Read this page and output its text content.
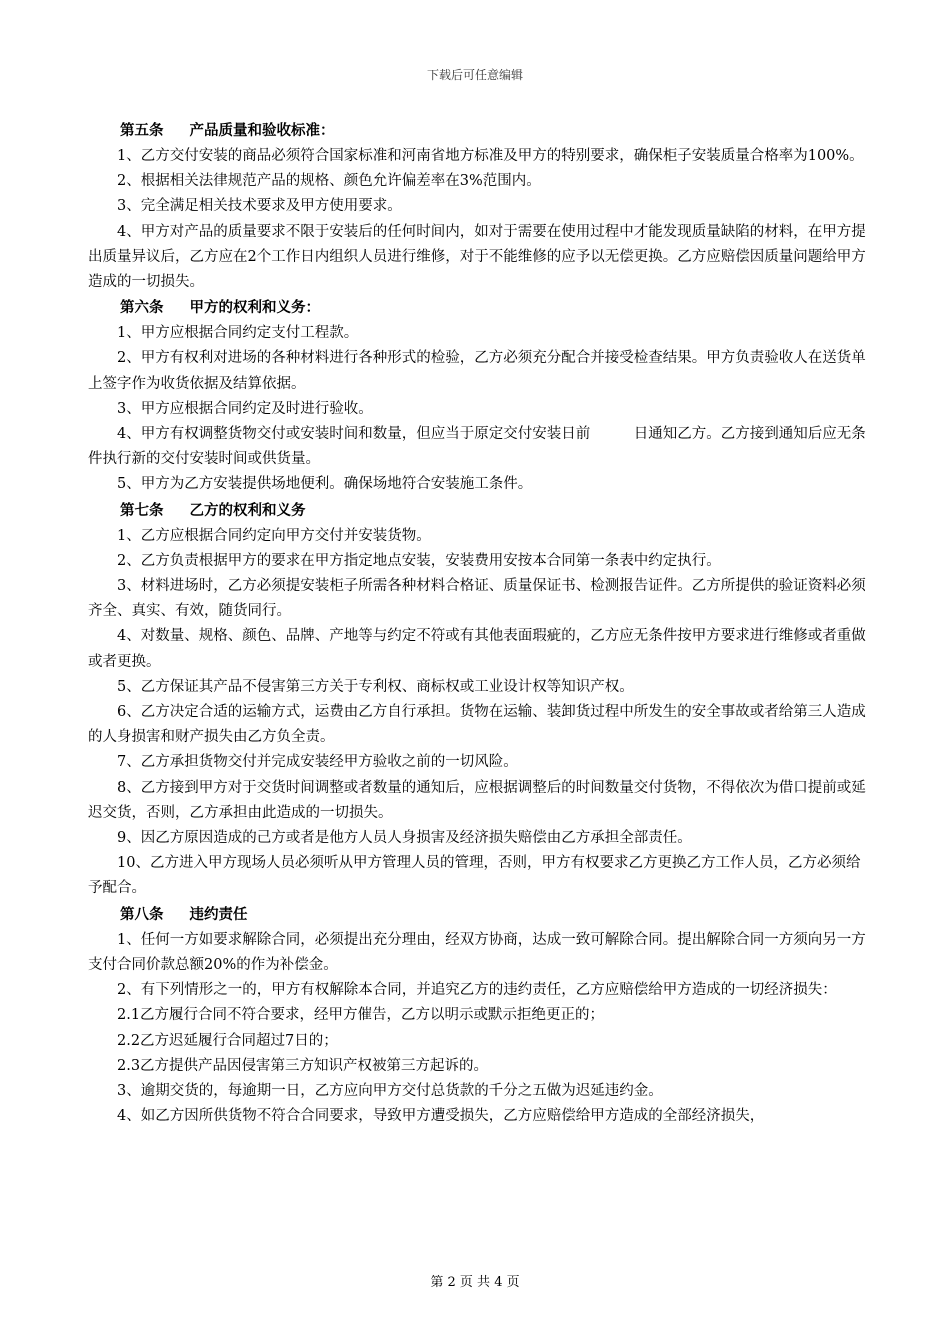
下载后可任意编辑
第五条 产品质量和验收标准：

1、乙方交付安装的商品必须符合国家标准和河南省地方标准及甲方的特别要求，确保柜子安装质量合格率为100%。

2、根据相关法律规范产品的规格、颜色允许偏差率在3%范围内。

3、完全满足相关技术要求及甲方使用要求。

4、甲方对产品的质量要求不限于安装后的任何时间内，如对于需要在使用过程中才能发现质量缺陷的材料，在甲方提出质量异议后，乙方应在2个工作日内组织人员进行维修，对于不能维修的应予以无偿更换。乙方应赔偿因质量问题给甲方造成的一切损失。

第六条 甲方的权利和义务：

1、甲方应根据合同约定支付工程款。

2、甲方有权利对进场的各种材料进行各种形式的检验，乙方必须充分配合并接受检查结果。甲方负责验收人在送货单上签字作为收货依据及结算依据。

3、甲方应根据合同约定及时进行验收。

4、甲方有权调整货物交付或安装时间和数量，但应当于原定交付安装日前　　　日通知乙方。乙方接到通知后应无条件执行新的交付安装时间或供货量。

5、甲方为乙方安装提供场地便利。确保场地符合安装施工条件。

第七条 乙方的权利和义务

1、乙方应根据合同约定向甲方交付并安装货物。

2、乙方负责根据甲方的要求在甲方指定地点安装，安装费用安按本合同第一条表中约定执行。

3、材料进场时，乙方必须提安装柜子所需各种材料合格证、质量保证书、检测报告证件。乙方所提供的验证资料必须齐全、真实、有效，随货同行。

4、对数量、规格、颜色、品牌、产地等与约定不符或有其他表面瑕疵的，乙方应无条件按甲方要求进行维修或者重做或者更换。

5、乙方保证其产品不侵害第三方关于专利权、商标权或工业设计权等知识产权。

6、乙方决定合适的运输方式，运费由乙方自行承担。货物在运输、装卸货过程中所发生的安全事故或者给第三人造成的人身损害和财产损失由乙方负全责。

7、乙方承担货物交付并完成安装经甲方验收之前的一切风险。

8、乙方接到甲方对于交货时间调整或者数量的通知后，应根据调整后的时间数量交付货物，不得依次为借口提前或延迟交货，否则，乙方承担由此造成的一切损失。

9、因乙方原因造成的己方或者是他方人员人身损害及经济损失赔偿由乙方承担全部责任。

10、乙方进入甲方现场人员必须听从甲方管理人员的管理，否则，甲方有权要求乙方更换乙方工作人员，乙方必须给予配合。

第八条 违约责任

1、任何一方如要求解除合同，必须提出充分理由，经双方协商，达成一致可解除合同。提出解除合同一方须向另一方支付合同价款总额20%的作为补偿金。

2、有下列情形之一的，甲方有权解除本合同，并追究乙方的违约责任，乙方应赔偿给甲方造成的一切经济损失：

2.1乙方履行合同不符合要求，经甲方催告，乙方以明示或默示拒绝更正的；

2.2乙方迟延履行合同超过7日的；

2.3乙方提供产品因侵害第三方知识产权被第三方起诉的。

3、逾期交货的，每逾期一日，乙方应向甲方交付总货款的千分之五做为迟延违约金。

4、如乙方因所供货物不符合合同要求，导致甲方遭受损失，乙方应赔偿给甲方造成的全部经济损失，

第 2 页 共 4 页
